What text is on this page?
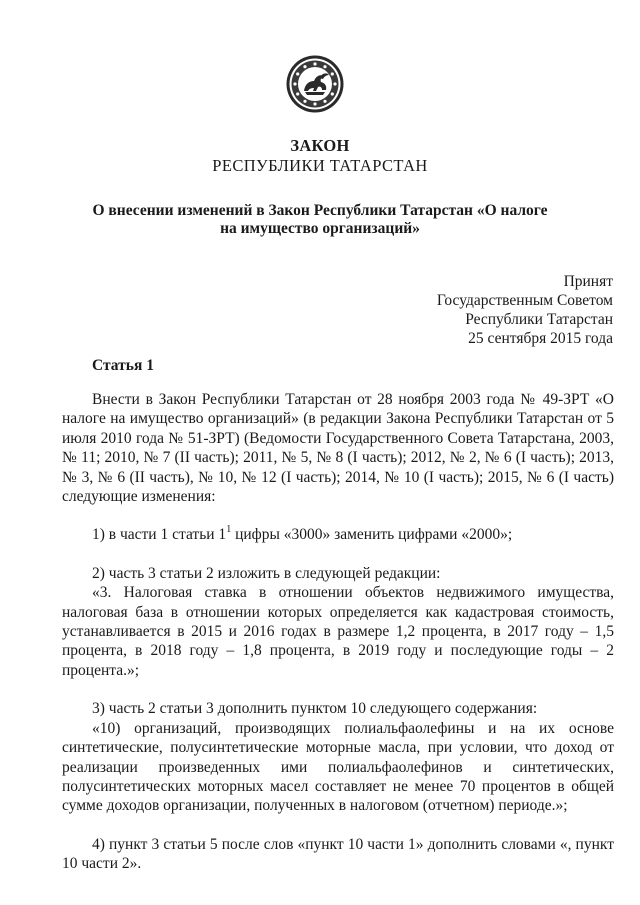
ЗАКОН
РЕСПУБЛИКИ ТАТАРСТАН
О внесении изменений в Закон Республики Татарстан «О налоге
на имущество организаций»
Принят
Государственным Советом
Республики Татарстан
25 сентября 2015 года
Статья 1

Внести в Закон Республики Татарстан от 28 ноября 2003 года № 49-ЗРТ «О налоге на имущество организаций» (в редакции Закона Республики Татарстан от 5 июля 2010 года № 51-ЗРТ) (Ведомости Государственного Совета Татарстана, 2003, № 11; 2010, № 7 (II часть); 2011, № 5, № 8 (I часть); 2012, № 2, № 6 (I часть); 2013, № 3, № 6 (II часть), № 10, № 12 (I часть); 2014, № 10 (I часть); 2015, № 6 (I часть) следующие изменения:

1) в части 1 статьи $1^1$ цифры «3000» заменить цифрами «2000»;

2) часть 3 статьи 2 изложить в следующей редакции:

«3. Налоговая ставка в отношении объектов недвижимого имущества, налоговая база в отношении которых определяется как кадастровая стоимость, устанавливается в 2015 и 2016 годах в размере 1,2 процента, в 2017 году – 1,5 процента, в 2018 году – 1,8 процента, в 2019 году и последующие годы – 2 процента.»;

3) часть 2 статьи 3 дополнить пунктом 10 следующего содержания:

«10) организаций, производящих полиальфаолефины и на их основе синтетические, полусинтетические моторные масла, при условии, что доход от реализации произведенных ими полиальфаолефинов и синтетических, полусинтетических моторных масел составляет не менее 70 процентов в общей сумме доходов организации, полученных в налоговом (отчетном) периоде.»;

4) пункт 3 статьи 5 после слов «пункт 10 части 1» дополнить словами «, пункт 10 части 2».
